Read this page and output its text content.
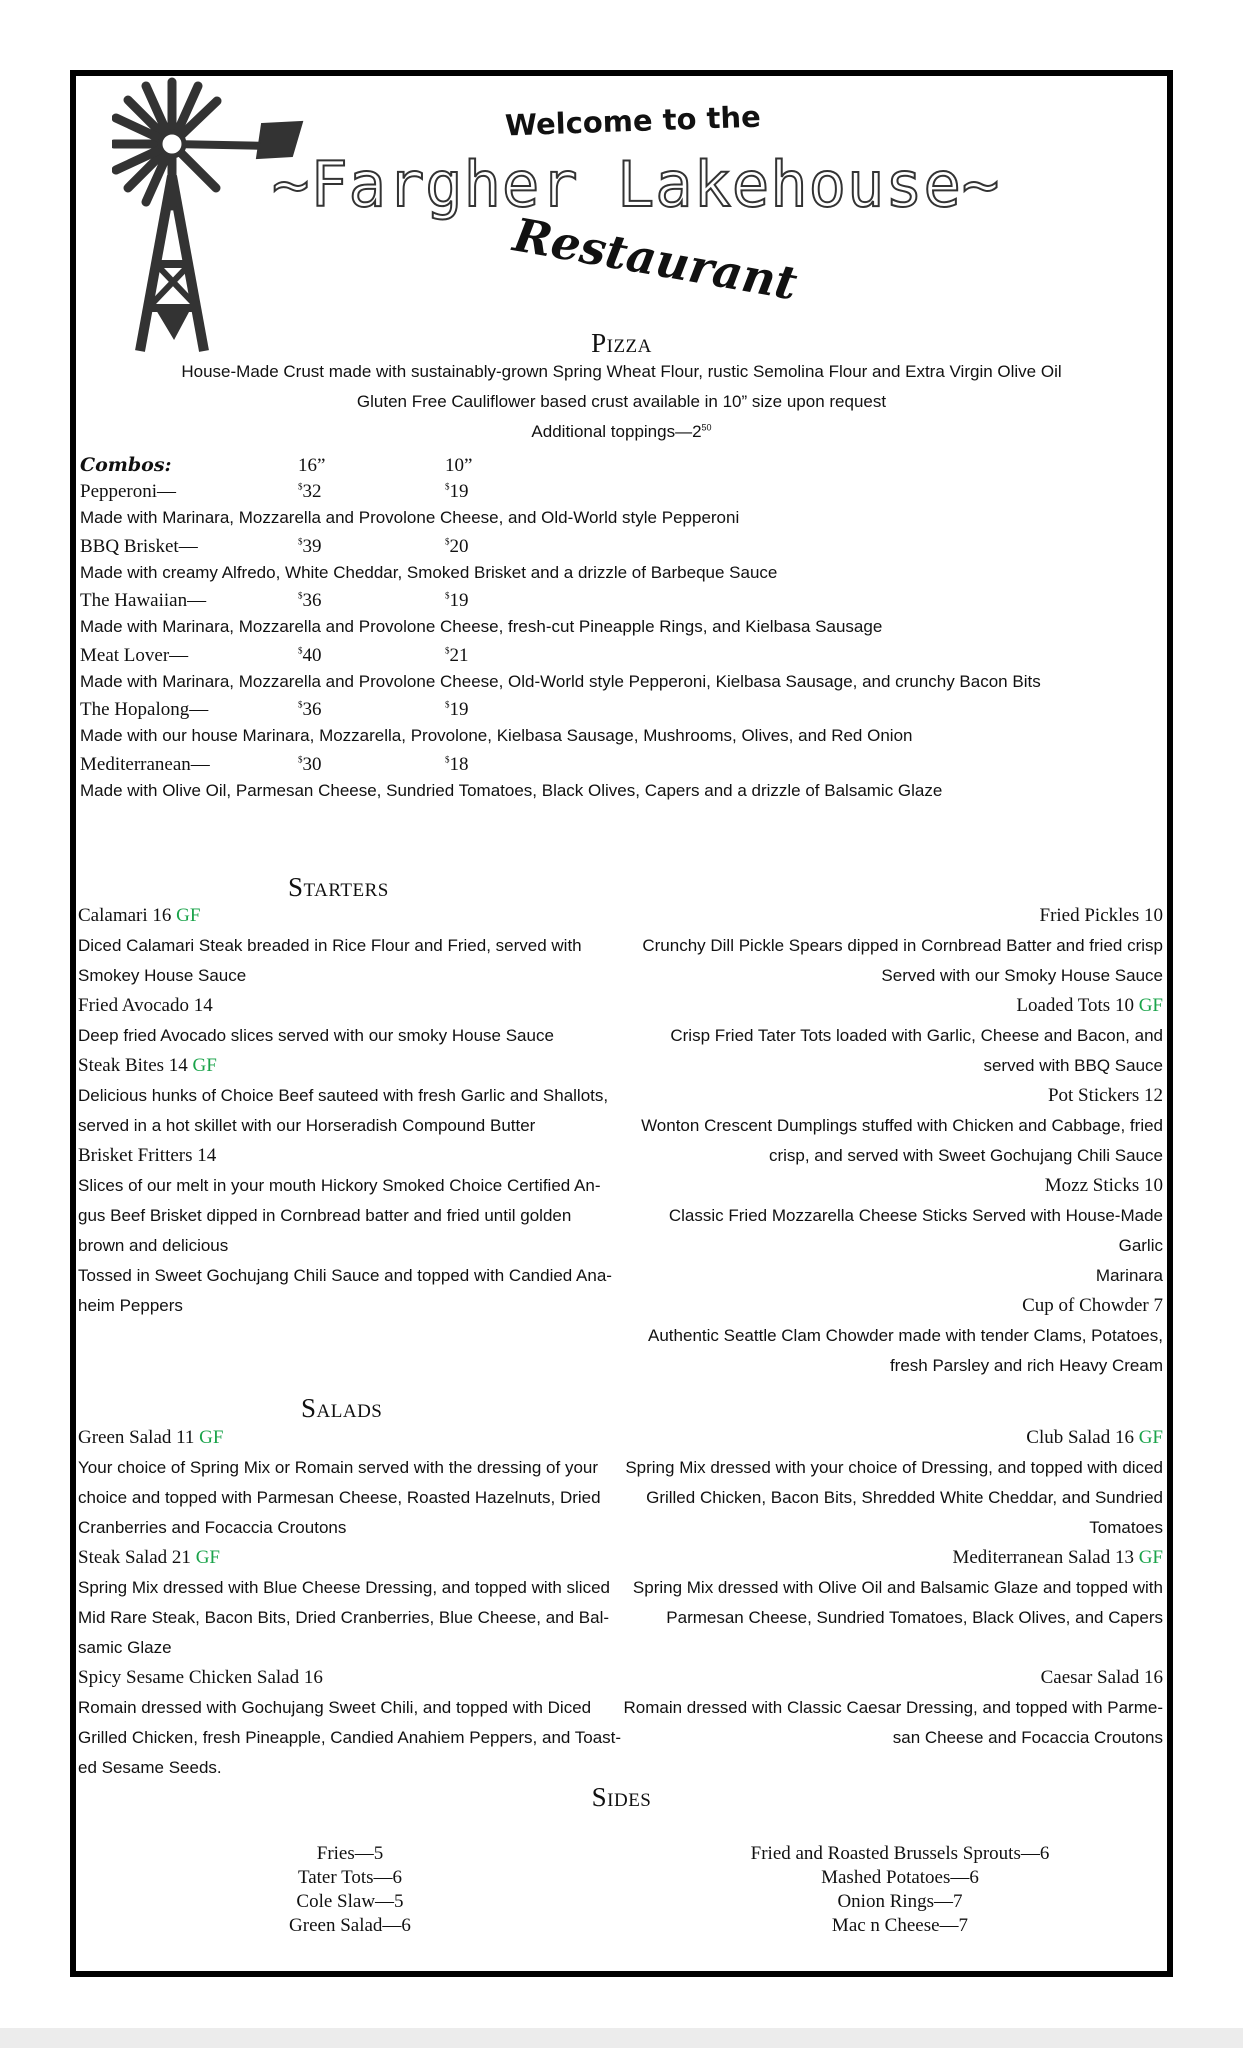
Welcome to the
~Fargher Lakehouse~
Restaurant
Pizza
House-Made Crust made with sustainably-grown Spring Wheat Flour, rustic Semolina Flour and Extra Virgin Olive Oil
Gluten Free Cauliflower based crust available in 10” size upon request
Additional $toppings—2^{50}$
Combos:	16”	10”
Pepperoni—	$32	$19
Made with Marinara, Mozzarella and Provolone Cheese, and Old-World style Pepperoni
BBQ Brisket—	$39	$20
Made with creamy Alfredo, White Cheddar, Smoked Brisket and a drizzle of Barbeque Sauce
The Hawaiian—	$36	$19
Made with Marinara, Mozzarella and Provolone Cheese, fresh-cut Pineapple Rings, and Kielbasa Sausage
Meat Lover—	$40	$21
Made with Marinara, Mozzarella and Provolone Cheese, Old-World style Pepperoni, Kielbasa Sausage, and crunchy Bacon Bits
The Hopalong—	$36	$19
Made with our house Marinara, Mozzarella, Provolone, Kielbasa Sausage, Mushrooms, Olives, and Red Onion
Mediterranean—	$30	$18
Made with Olive Oil, Parmesan Cheese, Sundried Tomatoes, Black Olives, Capers and a drizzle of Balsamic Glaze
Starters

Calamari 16 GF

Diced Calamari Steak breaded in Rice Flour and Fried, served with

Smokey House Sauce

Fried Avocado 14

Deep fried Avocado slices served with our smoky House Sauce

Steak Bites 14 GF

Delicious hunks of Choice Beef sauteed with fresh Garlic and Shallots,

served in a hot skillet with our Horseradish Compound Butter

Brisket Fritters 14

Slices of our melt in your mouth Hickory Smoked Choice Certified An-

gus Beef Brisket dipped in Cornbread batter and fried until golden

brown and delicious

Tossed in Sweet Gochujang Chili Sauce and topped with Candied Ana-

heim Peppers

Fried Pickles 10

Crunchy Dill Pickle Spears dipped in Cornbread Batter and fried crisp

Served with our Smoky House Sauce

Loaded Tots 10 GF

Crisp Fried Tater Tots loaded with Garlic, Cheese and Bacon, and

served with BBQ Sauce

Pot Stickers 12

Wonton Crescent Dumplings stuffed with Chicken and Cabbage, fried

crisp, and served with Sweet Gochujang Chili Sauce

Mozz Sticks 10

Classic Fried Mozzarella Cheese Sticks Served with House-Made Garlic

Marinara

Cup of Chowder 7

Authentic Seattle Clam Chowder made with tender Clams, Potatoes,

fresh Parsley and rich Heavy Cream

Salads

Green Salad 11 GF

Your choice of Spring Mix or Romain served with the dressing of your

choice and topped with Parmesan Cheese, Roasted Hazelnuts, Dried

Cranberries and Focaccia Croutons

Steak Salad 21 GF

Spring Mix dressed with Blue Cheese Dressing, and topped with sliced

Mid Rare Steak, Bacon Bits, Dried Cranberries, Blue Cheese, and Bal-

samic Glaze

Spicy Sesame Chicken Salad 16

Romain dressed with Gochujang Sweet Chili, and topped with Diced

Grilled Chicken, fresh Pineapple, Candied Anahiem Peppers, and Toast-

ed Sesame Seeds.

Club Salad 16 GF

Spring Mix dressed with your choice of Dressing, and topped with diced

Grilled Chicken, Bacon Bits, Shredded White Cheddar, and Sundried

Tomatoes

Mediterranean Salad 13 GF

Spring Mix dressed with Olive Oil and Balsamic Glaze and topped with

Parmesan Cheese, Sundried Tomatoes, Black Olives, and Capers

Caesar Salad 16

Romain dressed with Classic Caesar Dressing, and topped with Parme-

san Cheese and Focaccia Croutons

Sides
Fries—5
Tater Tots—6
Cole Slaw—5
Green Salad—6
Fried and Roasted Brussels Sprouts—6
Mashed Potatoes—6
Onion Rings—7
Mac n Cheese—7
